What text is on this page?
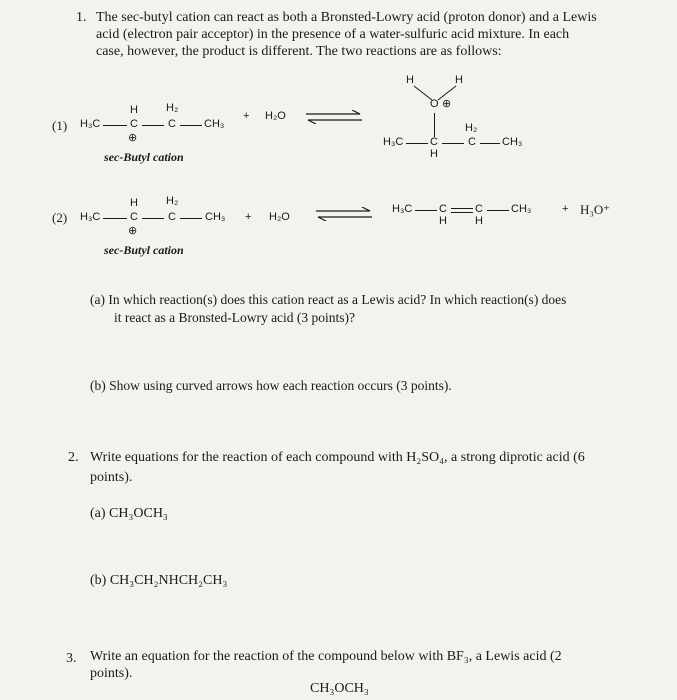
1. The sec-butyl cation can react as both a Bronsted-Lowry acid (proton donor) and a Lewis
acid (electron pair acceptor) in the presence of a water-sulfuric acid mixture. In each
case, however, the product is different. The two reactions are as follows:
(1) H₃C
H
C
⊕
H₂
C	CH₃
+ H₂O ⇌
sec-Butyl cation
H	H
O ⊕
H₃C C
H
H₂
C CH₃
(2) H₃C
H
C
⊕
H₂
C	CH₃ + H₂O ⇌ H₃C C
H
C
H
CH₃	+ H₃O⁺
sec-Butyl cation
(a) In which reaction(s) does this cation react as a Lewis acid? In which reaction(s) does
it react as a Bronsted-Lowry acid (3 points)?
(b) Show using curved arrows how each reaction occurs (3 points).
2. Write equations for the reaction of each compound with H₂SO₄, a strong diprotic acid (6
points).
(a) CH₃OCH₃
(b) CH₃CH₂NHCH₂CH₃
3. Write an equation for the reaction of the compound below with BF₃, a Lewis acid (2
points).
CH₃OCH₃
